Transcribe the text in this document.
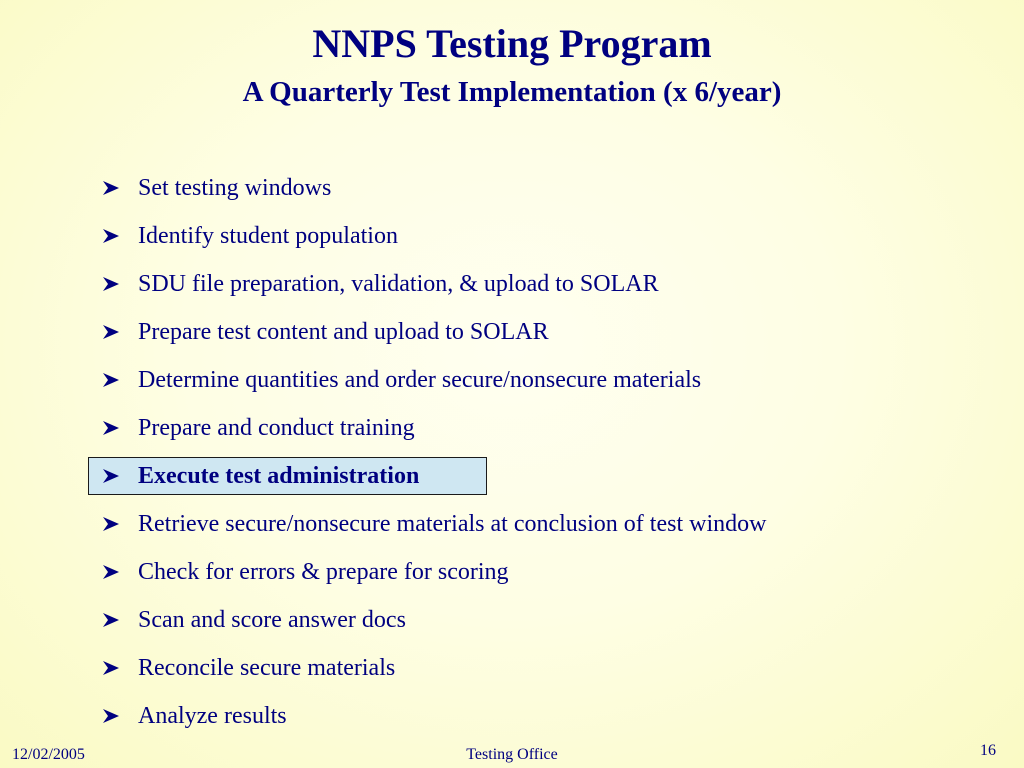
NNPS Testing Program
A Quarterly Test Implementation (x 6/year)
Set testing windows
Identify student population
SDU file preparation, validation, & upload to SOLAR
Prepare test content and upload to SOLAR
Determine quantities and order secure/nonsecure materials
Prepare and conduct training
Execute test administration
Retrieve secure/nonsecure materials at conclusion of test window
Check for errors & prepare for scoring
Scan and score answer docs
Reconcile secure materials
Analyze results
12/02/2005	Testing Office	16
